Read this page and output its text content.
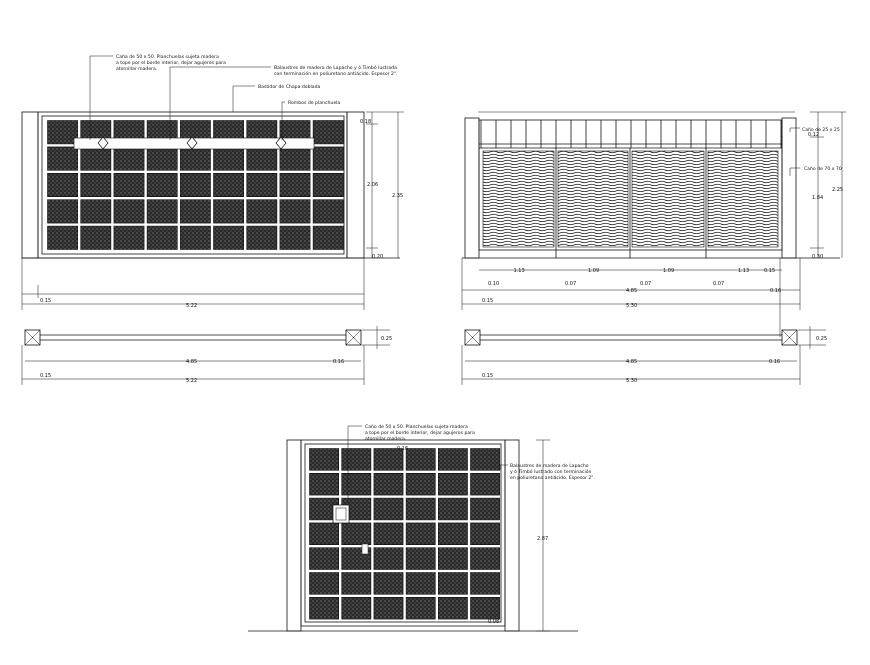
Caña de 50 x 50. Planchuelas sujeta madera
a tope por el borde interior, dejar agujeros para
atornillar madera.	Balaustres de madera de Lapacho y ó Timbó lustrada
con terminación en poliuretano antiácido. Espesor 2".
Bastidor de Chapa doblada
Rombos de planchuela
0.18
2.06
2.35
0.20
0.15
5.22
0.25
4.85	0.16
0.15
5.22
Caño de 25 x 25
Caño de 70 x 70
0.12
1.84
2.25
0.30
1.13	1.09	1.09	1.13	0.15
0.10	0.07	0.07	0.07
4.85	0.16
0.15
5.30
0.25
4.85	0.16
0.15
5.30
Caño de 50 x 50. Planchuelas sujeta madera
a tope por el borde interior, dejar agujeros para
atornillar madera.
Balaustres de madera de Lapacho
y ó Timbó lustrado con terminación
en poliuretano antiácido. Espesor 2".
2.87
0.16
0.08
